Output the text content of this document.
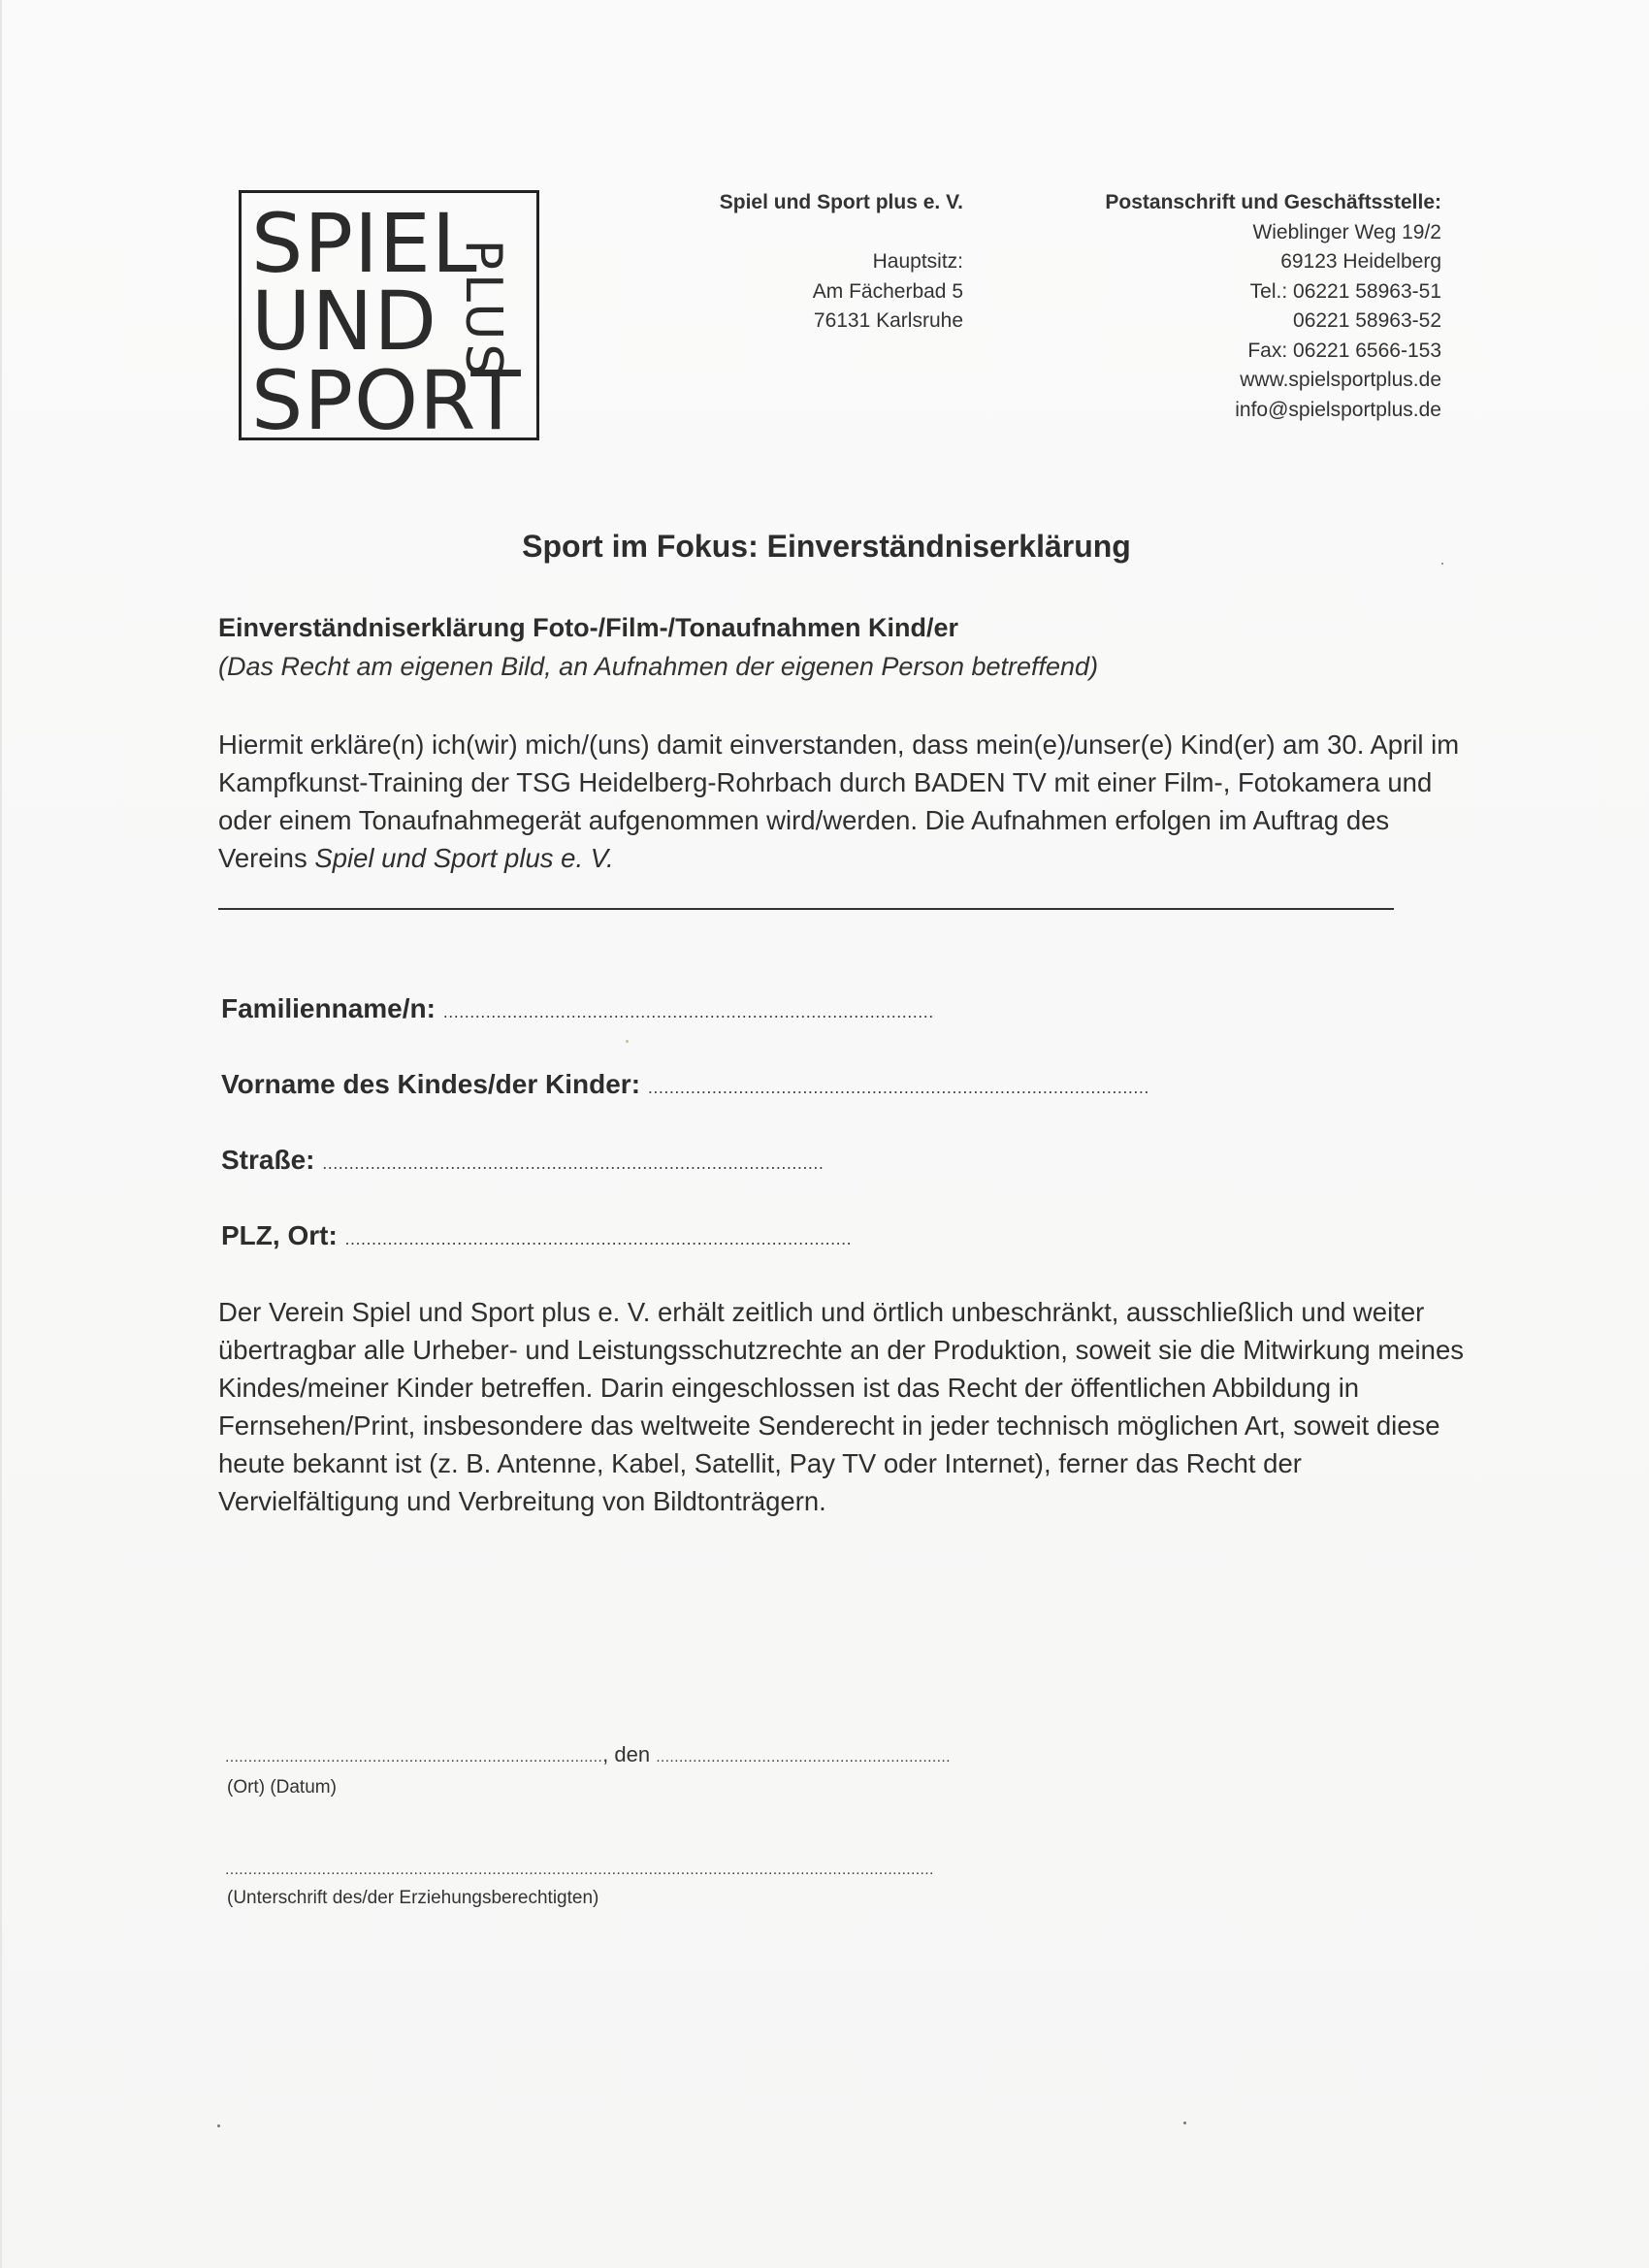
SPIEL
UND
SPORT
PLUS
Spiel und Sport plus e. V.
Hauptsitz:
Am Fächerbad 5
76131 Karlsruhe
Postanschrift und Geschäftsstelle:
Wieblinger Weg 19/2
69123 Heidelberg
Tel.: 06221 58963-51
06221 58963-52
Fax: 06221 6566-153
www.spielsportplus.de
info@spielsportplus.de
Sport im Fokus: Einverständniserklärung
Einverständniserklärung Foto-/Film-/Tonaufnahmen Kind/er
(Das Recht am eigenen Bild, an Aufnahmen der eigenen Person betreffend)
Hiermit erkläre(n) ich(wir) mich/(uns) damit einverstanden, dass mein(e)/unser(e) Kind(er) am 30. April im Kampfkunst-Training der TSG Heidelberg-Rohrbach durch BADEN TV mit einer Film-, Fotokamera und oder einem Tonaufnahmegerät aufgenommen wird/werden. Die Aufnahmen erfolgen im Auftrag des Vereins Spiel und Sport plus e. V.
Familienname/n: ............................................................................................
Vorname des Kindes/der Kinder: ..............................................................................................
Straße: ..............................................................................................
PLZ, Ort: ...............................................................................................
Der Verein Spiel und Sport plus e. V. erhält zeitlich und örtlich unbeschränkt, ausschließlich und weiter übertragbar alle Urheber- und Leistungsschutzrechte an der Produktion, soweit sie die Mitwirkung meines Kindes/meiner Kinder betreffen. Darin eingeschlossen ist das Recht der öffentlichen Abbildung in Fernsehen/Print, insbesondere das weltweite Senderecht in jeder technisch möglichen Art, soweit diese heute bekannt ist (z. B. Antenne, Kabel, Satellit, Pay TV oder Internet), ferner das Recht der Vervielfältigung und Verbreitung von Bildtonträgern.
.................................................................................., den ................................................................
(Ort) (Datum)
..........................................................................................................................................................
(Unterschrift des/der Erziehungsberechtigten)
